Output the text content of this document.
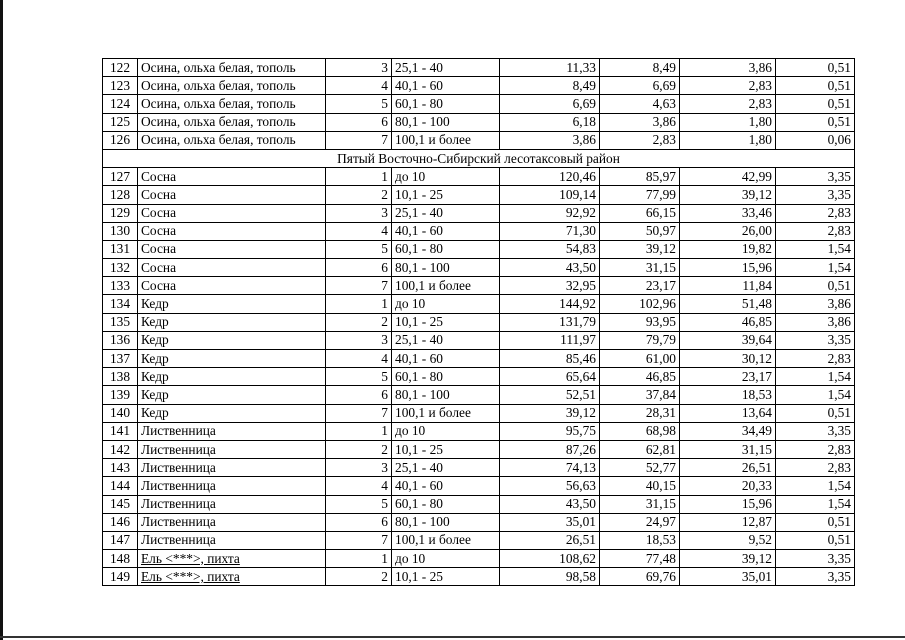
122	Осина, ольха белая, тополь	3	25,1 - 40	11,33	8,49	3,86	0,51
123	Осина, ольха белая, тополь	4	40,1 - 60	8,49	6,69	2,83	0,51
124	Осина, ольха белая, тополь	5	60,1 - 80	6,69	4,63	2,83	0,51
125	Осина, ольха белая, тополь	6	80,1 - 100	6,18	3,86	1,80	0,51
126	Осина, ольха белая, тополь	7	100,1 и более	3,86	2,83	1,80	0,06
Пятый Восточно-Сибирский лесотаксовый район							
127	Сосна	1	до 10	120,46	85,97	42,99	3,35
128	Сосна	2	10,1 - 25	109,14	77,99	39,12	3,35
129	Сосна	3	25,1 - 40	92,92	66,15	33,46	2,83
130	Сосна	4	40,1 - 60	71,30	50,97	26,00	2,83
131	Сосна	5	60,1 - 80	54,83	39,12	19,82	1,54
132	Сосна	6	80,1 - 100	43,50	31,15	15,96	1,54
133	Сосна	7	100,1 и более	32,95	23,17	11,84	0,51
134	Кедр	1	до 10	144,92	102,96	51,48	3,86
135	Кедр	2	10,1 - 25	131,79	93,95	46,85	3,86
136	Кедр	3	25,1 - 40	111,97	79,79	39,64	3,35
137	Кедр	4	40,1 - 60	85,46	61,00	30,12	2,83
138	Кедр	5	60,1 - 80	65,64	46,85	23,17	1,54
139	Кедр	6	80,1 - 100	52,51	37,84	18,53	1,54
140	Кедр	7	100,1 и более	39,12	28,31	13,64	0,51
141	Лиственница	1	до 10	95,75	68,98	34,49	3,35
142	Лиственница	2	10,1 - 25	87,26	62,81	31,15	2,83
143	Лиственница	3	25,1 - 40	74,13	52,77	26,51	2,83
144	Лиственница	4	40,1 - 60	56,63	40,15	20,33	1,54
145	Лиственница	5	60,1 - 80	43,50	31,15	15,96	1,54
146	Лиственница	6	80,1 - 100	35,01	24,97	12,87	0,51
147	Лиственница	7	100,1 и более	26,51	18,53	9,52	0,51
148	Ель <***>, пихта	1	до 10	108,62	77,48	39,12	3,35
149	Ель <***>, пихта	2	10,1 - 25	98,58	69,76	35,01	3,35
